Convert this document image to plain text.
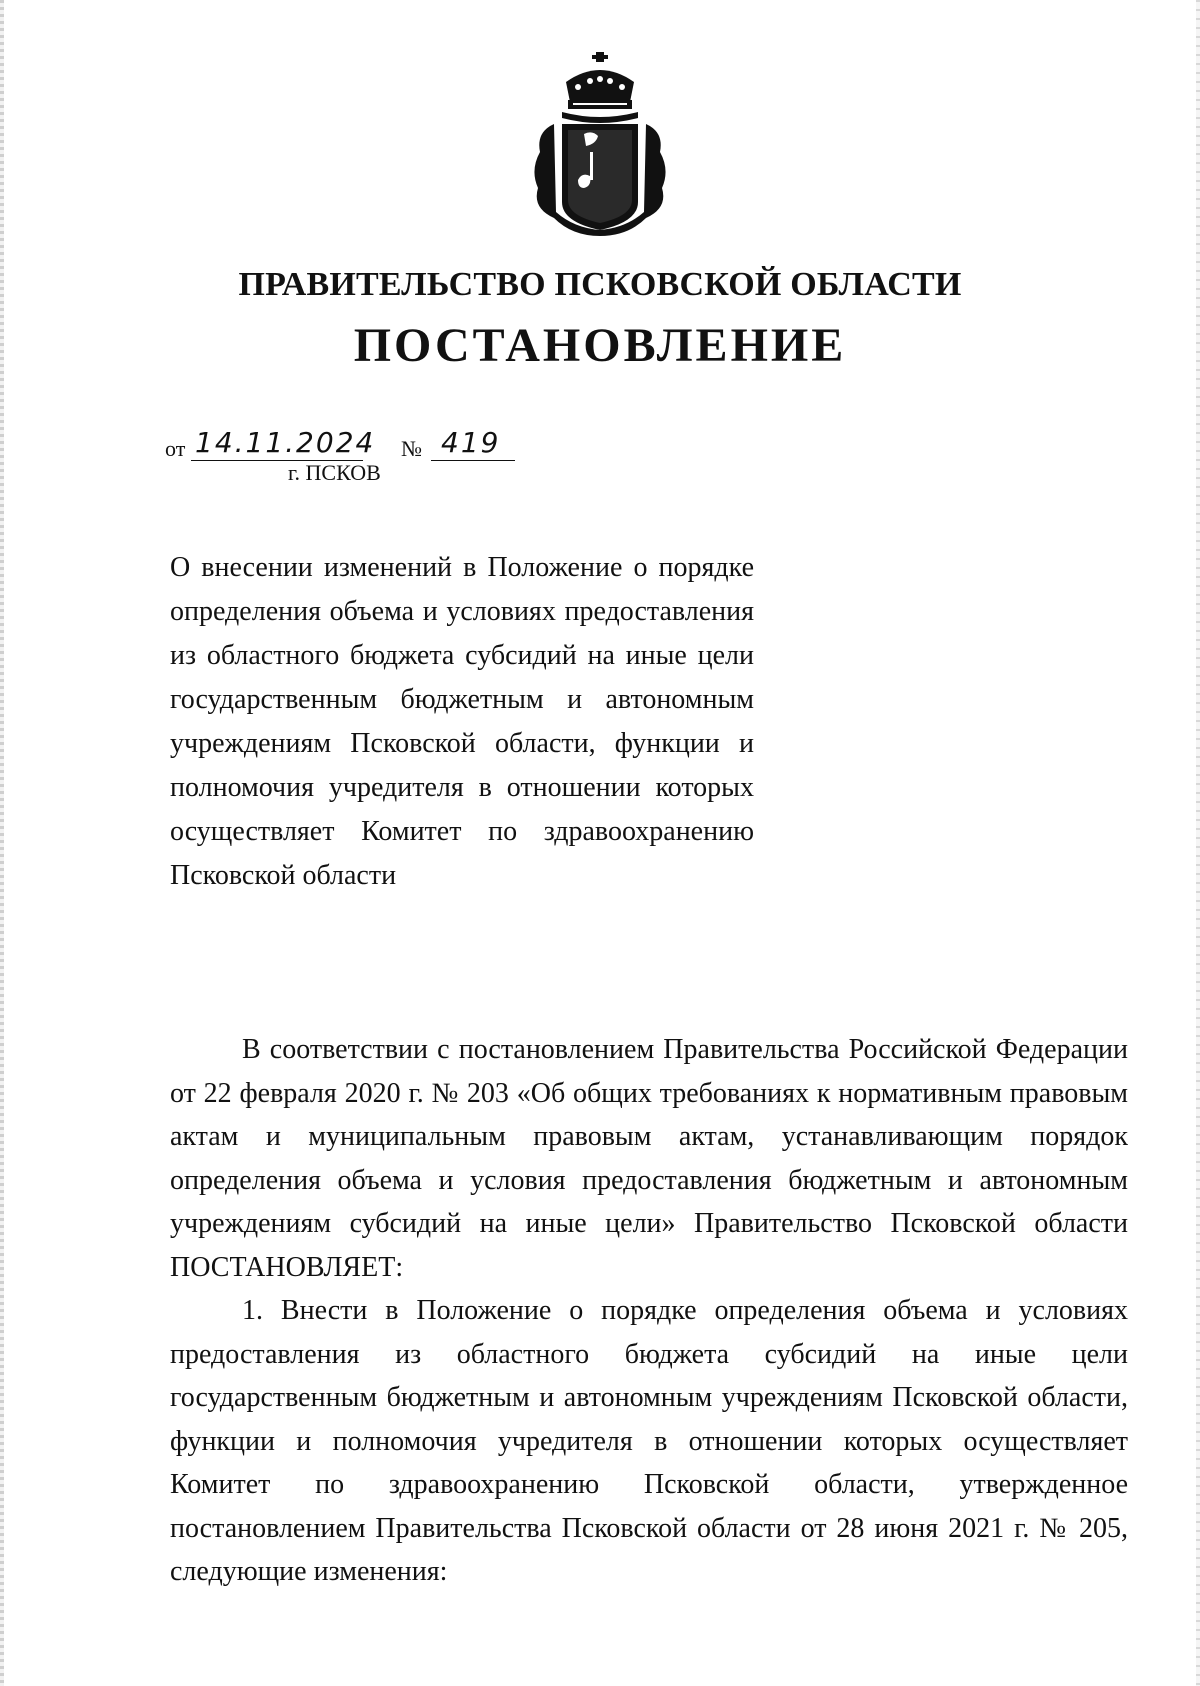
ПРАВИТЕЛЬСТВО ПСКОВСКОЙ ОБЛАСТИ
ПОСТАНОВЛЕНИЕ
от 14.11.2024 № 419
г. ПСКОВ
О внесении изменений в Положение о порядке определения объема и условиях предоставления из областного бюджета субсидий на иные цели государственным бюджетным и автономным учреждениям Псковской области, функции и полномочия учредителя в отношении которых осуществляет Комитет по здравоохранению Псковской области

В соответствии с постановлением Правительства Российской Федерации от 22 февраля 2020 г. № 203 «Об общих требованиях к нормативным правовым актам и муниципальным правовым актам, устанавливающим порядок определения объема и условия предоставления бюджетным и автономным учреждениям субсидий на иные цели» Правительство Псковской области ПОСТАНОВЛЯЕТ:

1. Внести в Положение о порядке определения объема и условиях предоставления из областного бюджета субсидий на иные цели государственным бюджетным и автономным учреждениям Псковской области, функции и полномочия учредителя в отношении которых осуществляет Комитет по здравоохранению Псковской области, утвержденное постановлением Правительства Псковской области от 28 июня 2021 г. № 205, следующие изменения:
